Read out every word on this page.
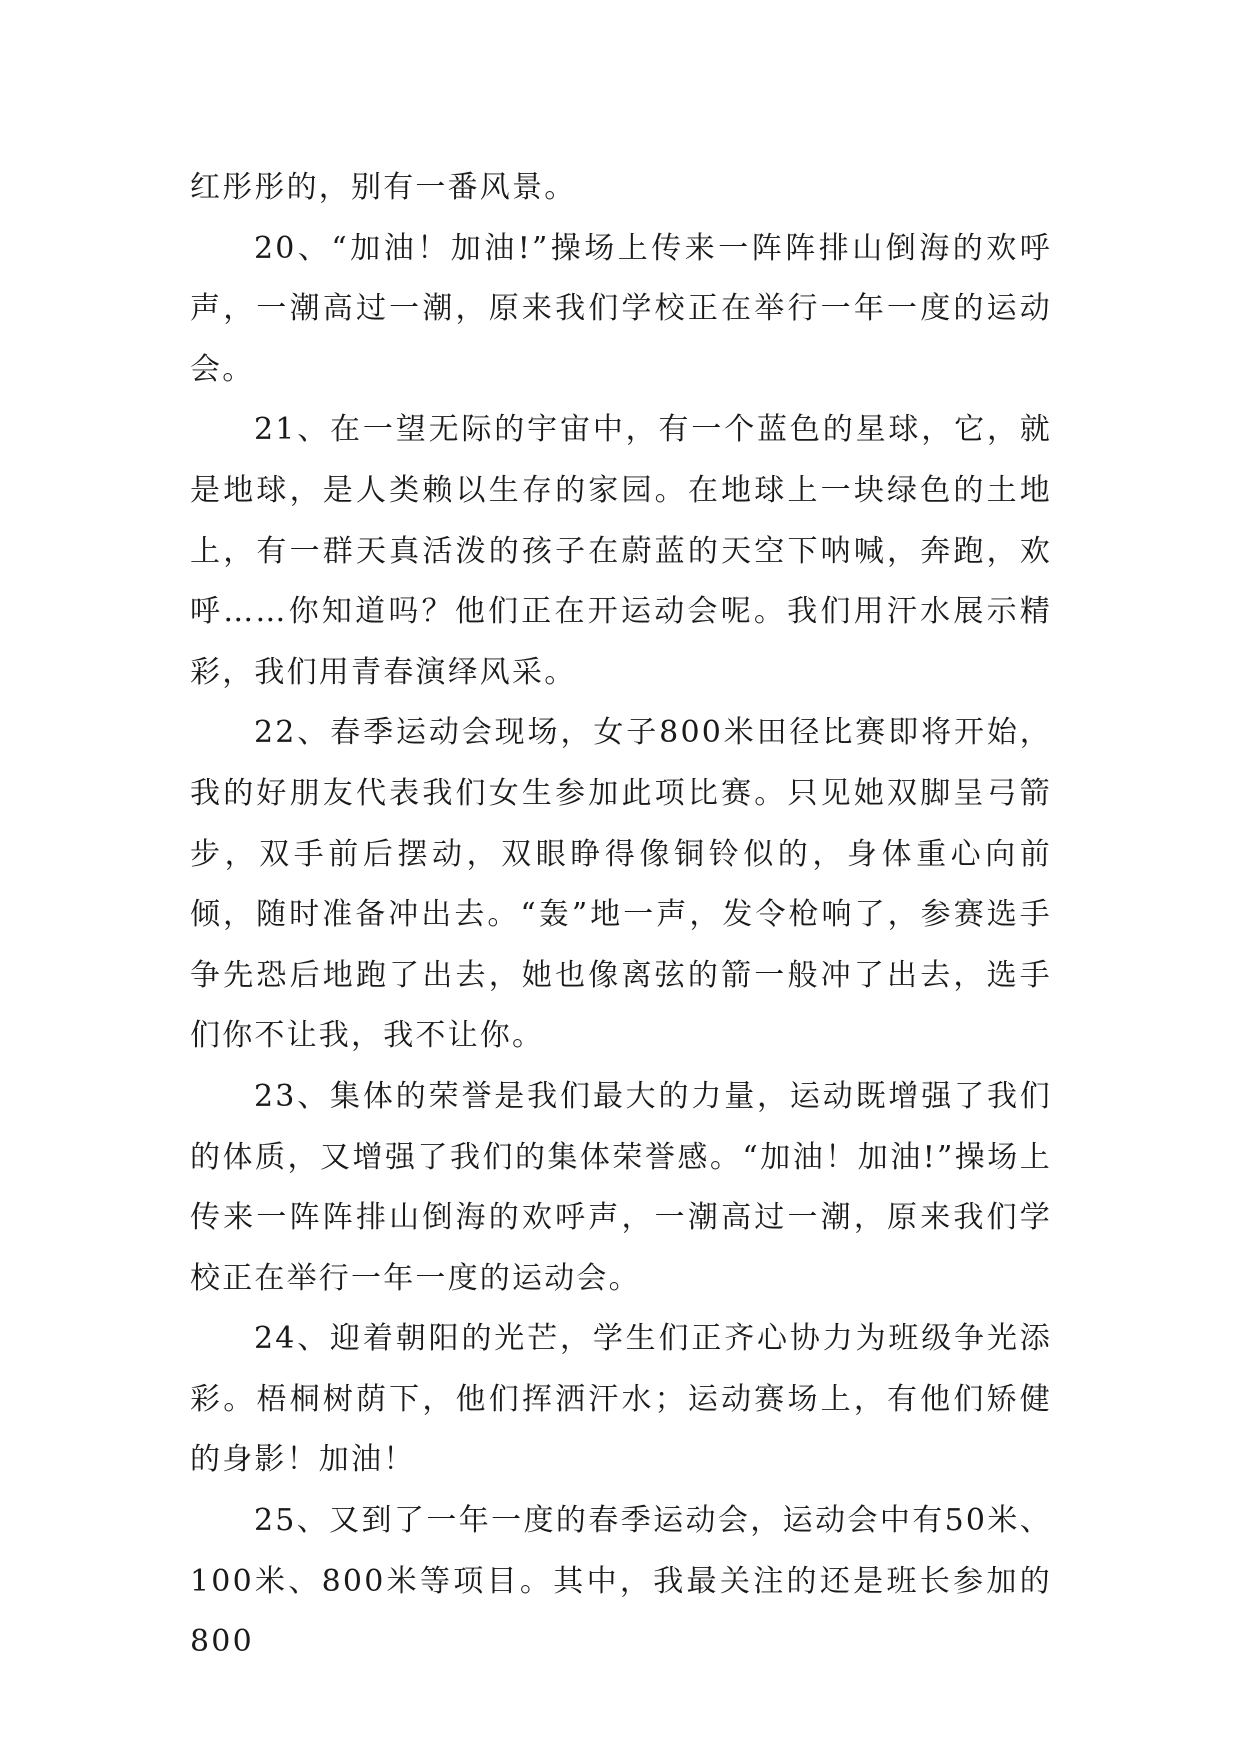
红彤彤的，别有一番风景。

20、“加油！加油!”操场上传来一阵阵排山倒海的欢呼声，一潮高过一潮，原来我们学校正在举行一年一度的运动会。

21、在一望无际的宇宙中，有一个蓝色的星球，它，就是地球，是人类赖以生存的家园。在地球上一块绿色的土地上，有一群天真活泼的孩子在蔚蓝的天空下呐喊，奔跑，欢呼……你知道吗？他们正在开运动会呢。我们用汗水展示精彩，我们用青春演绎风采。

22、春季运动会现场，女子800米田径比赛即将开始，我的好朋友代表我们女生参加此项比赛。只见她双脚呈弓箭步，双手前后摆动，双眼睁得像铜铃似的，身体重心向前倾，随时准备冲出去。“轰”地一声，发令枪响了，参赛选手争先恐后地跑了出去，她也像离弦的箭一般冲了出去，选手们你不让我，我不让你。

23、集体的荣誉是我们最大的力量，运动既增强了我们的体质，又增强了我们的集体荣誉感。“加油！加油!”操场上传来一阵阵排山倒海的欢呼声，一潮高过一潮，原来我们学校正在举行一年一度的运动会。

24、迎着朝阳的光芒，学生们正齐心协力为班级争光添彩。梧桐树荫下，他们挥洒汗水；运动赛场上，有他们矫健的身影！加油！

25、又到了一年一度的春季运动会，运动会中有50米、100米、800米等项目。其中，我最关注的还是班长参加的800
